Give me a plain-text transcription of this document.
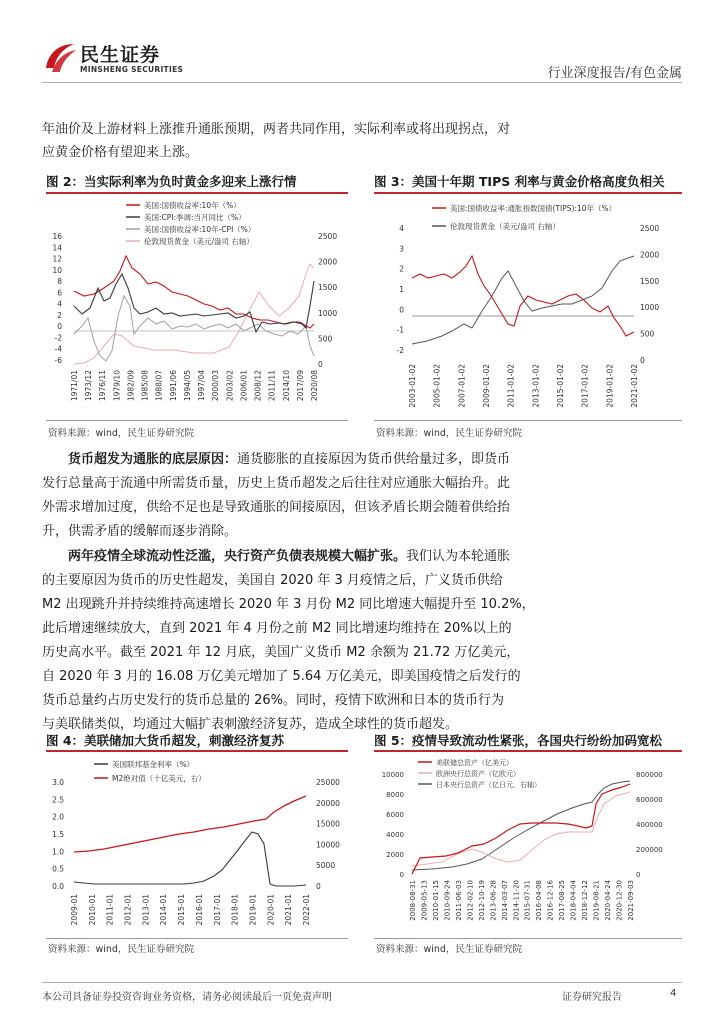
民生证券
MINSHENG SECURITIES	行业深度报告/有色金属
年油价及上游材料上涨推升通胀预期，两者共同作用，实际利率或将出现拐点，对
应黄金价格有望迎来上涨。
图 2：当实际利率为负时黄金多迎来上涨行情
16
14
12
10
8
6
4
2
0
-2
-4
-6
2500
2000
1500
1000
500
0
1971/01 1973/12 1976/11 1979/10 1982/09 1985/08 1988/07 1991/06 1994/05 1997/04 2000/03 2003/02 2006/01 2008/12 2011/11 2014/10 2017/09 2020/08
美国:国债收益率:10年（%）
美国:CPI:季调:当月同比（%）
美国:国债收益率:10年-CPI（%）
伦敦现货黄金（美元/盎司 右轴）
资料来源：wind，民生证券研究院
图 3：美国十年期 TIPS 利率与黄金价格高度负相关
4
3
2
1
0
-1
-2
2500
2000
1500
1000
500
0
2003-01-02 2005-01-02 2007-01-02 2009-01-02 2011-01-02 2013-01-02 2015-01-02 2017-01-02 2019-01-02 2021-01-02
美国:国债收益率:通胀指数国债(TIPS):10年（%）
伦敦现货黄金（美元/盎司 右轴）
资料来源：wind，民生证券研究院
货币超发为通胀的底层原因：通货膨胀的直接原因为货币供给量过多，即货币
发行总量高于流通中所需货币量，历史上货币超发之后往往对应通胀大幅抬升。此
外需求增加过度，供给不足也是导致通胀的间接原因，但该矛盾长期会随着供给抬
升，供需矛盾的缓解而逐步消除。
两年疫情全球流动性泛滥，央行资产负债表规模大幅扩张。我们认为本轮通胀
的主要原因为货币的历史性超发，美国自 2020 年 3 月疫情之后，广义货币供给
M2 出现跳升并持续维持高速增长 2020 年 3 月份 M2 同比增速大幅提升至 10.2%，
此后增速继续放大，直到 2021 年 4 月份之前 M2 同比增速均维持在 20%以上的
历史高水平。截至 2021 年 12 月底，美国广义货币 M2 余额为 21.72 万亿美元，
自 2020 年 3 月的 16.08 万亿美元增加了 5.64 万亿美元，即美国疫情之后发行的
货币总量约占历史发行的货币总量的 26%。同时，疫情下欧洲和日本的货币行为
与美联储类似，均通过大幅扩表刺激经济复苏，造成全球性的货币超发。
图 4：美联储加大货币超发，刺激经济复苏
3.0
2.5
2.0
1.5
1.0
0.5
0.0
25000
20000
15000
10000
5000
0
2009-01 2010-01 2011-01 2012-01 2013-01 2014-01 2015-01 2016-01 2017-01 2018-01 2019-01 2020-01 2021-01 2022-01
美国联邦基金利率（%）
M2绝对值（十亿美元，右）
资料来源：wind，民生证券研究院
图 5：疫情导致流动性紧张，各国央行纷纷加码宽松
10000
8000
6000
4000
2000
0
800000
600000
400000
200000
0
2008-08-31 2009-05-13 2010-01-15 2010-09-24 2011-06-03 2012-02-10 2012-10-19 2013-06-28 2014-03-07 2014-11-20 2015-07-31 2016-04-08 2016-12-16 2017-08-25 2018-04-04 2018-12-12 2019-08-21 2020-04-24 2020-12-30 2021-09-03
美联储总资产（亿美元）
欧洲央行总资产（亿欧元）
日本央行总资产（亿日元，右轴）
资料来源：wind，民生证券研究院
本公司具备证券投资咨询业务资格，请务必阅读最后一页免责声明	证券研究报告	4
